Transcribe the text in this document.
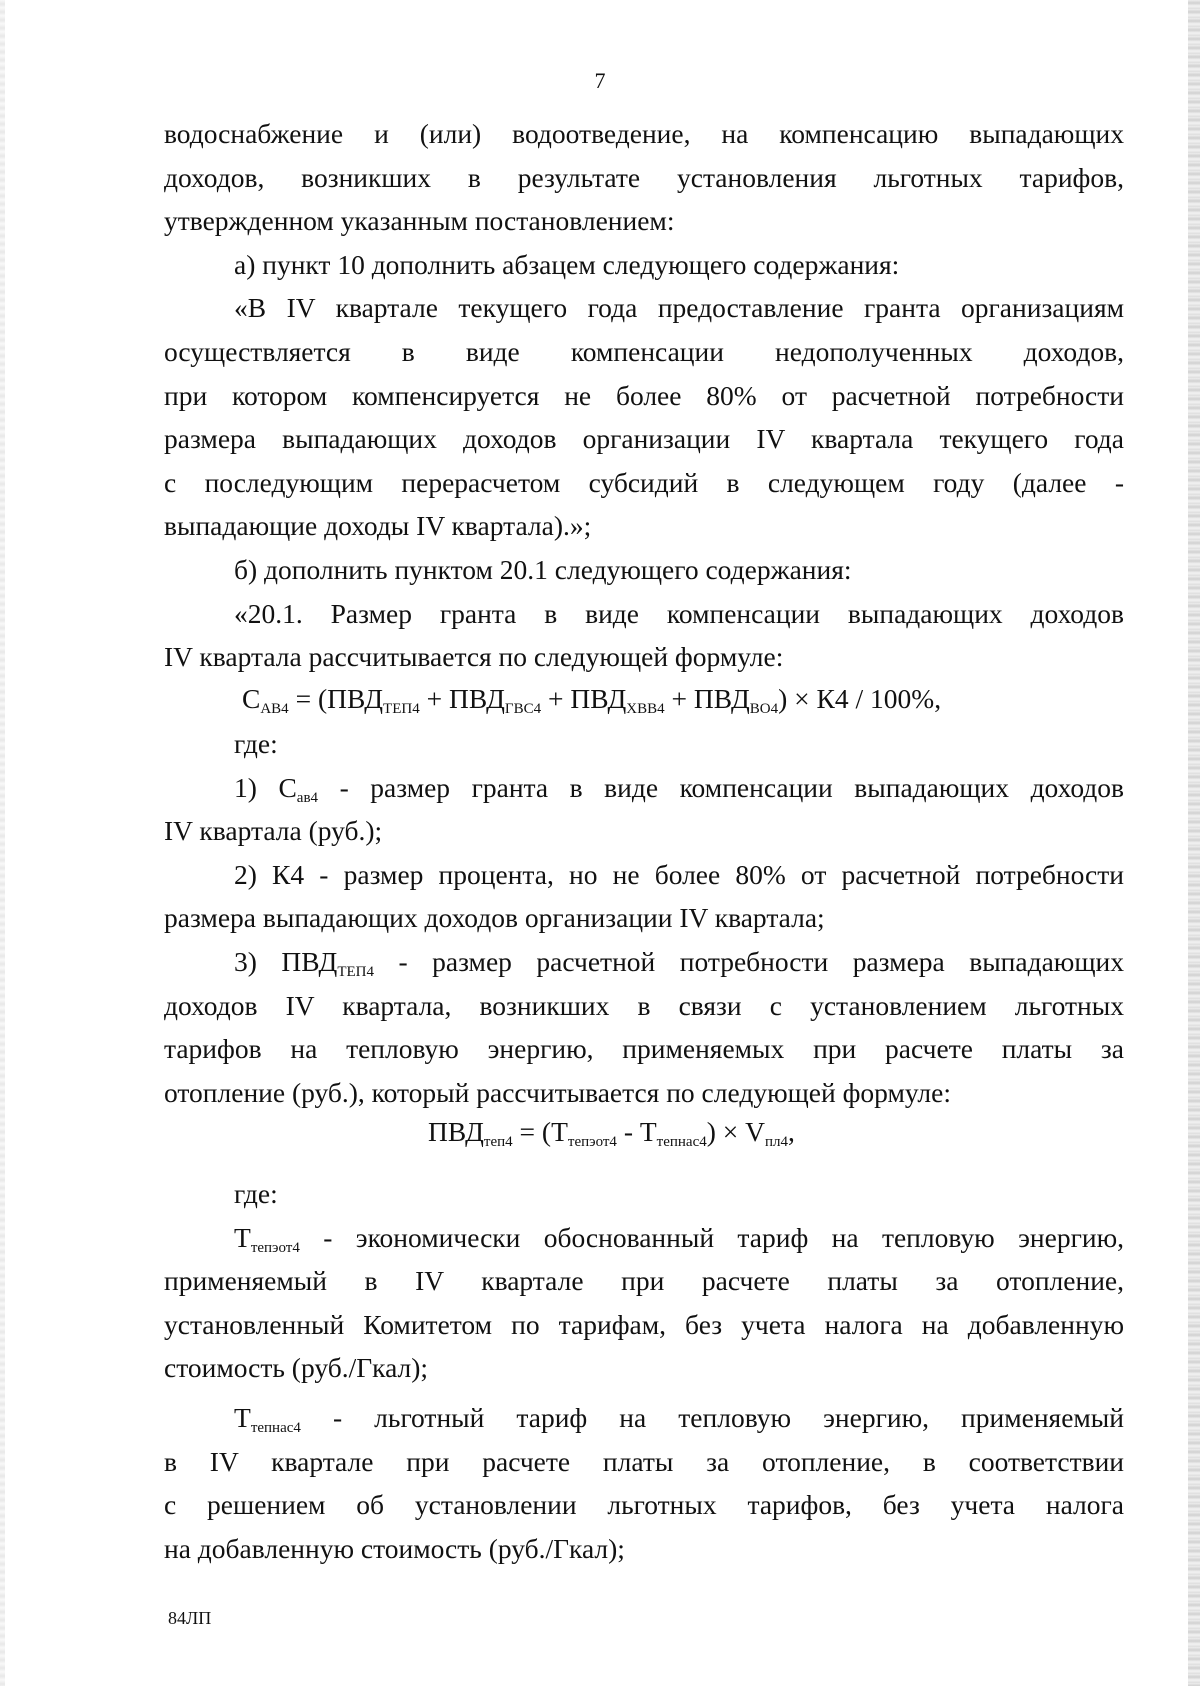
7
водоснабжение и (или) водоотведение, на компенсацию выпадающих
доходов, возникших в результате установления льготных тарифов,
утвержденном указанным постановлением:
а) пункт 10 дополнить абзацем следующего содержания:
«В IV квартале текущего года предоставление гранта организациям
осуществляется в виде компенсации недополученных доходов,
при котором компенсируется не более 80% от расчетной потребности
размера выпадающих доходов организации IV квартала текущего года
с последующим перерасчетом субсидий в следующем году (далее -
выпадающие доходы IV квартала).»;
б) дополнить пунктом 20.1 следующего содержания:
«20.1. Размер гранта в виде компенсации выпадающих доходов
IV квартала рассчитывается по следующей формуле:
$С_{АВ4} = (ПВД_{ТЕП4} + ПВД_{ГВС4} + ПВД_{ХВВ4} + ПВД_{ВО4}) \times К4 / 100\%$,
где:
1) $С_{ав4}$ - размер гранта в виде компенсации выпадающих доходов
IV квартала (руб.);
2) К4 - размер процента, но не более 80% от расчетной потребности
размера выпадающих доходов организации IV квартала;
3) $ПВД_{ТЕП4}$ - размер расчетной потребности размера выпадающих
доходов IV квартала, возникших в связи с установлением льготных
тарифов на тепловую энергию, применяемых при расчете платы за
отопление (руб.), который рассчитывается по следующей формуле:
$ПВД_{теп4} = (Т_{тепэот4} - Т_{тепнас4}) \times V_{пл4}$,
где:
$Т_{тепэот4}$ - экономически обоснованный тариф на тепловую энергию,
применяемый в IV квартале при расчете платы за отопление,
установленный Комитетом по тарифам, без учета налога на добавленную
стоимость (руб./Гкал);
$Т_{тепнас4}$ - льготный тариф на тепловую энергию, применяемый
в IV квартале при расчете платы за отопление, в соответствии
с решением об установлении льготных тарифов, без учета налога
на добавленную стоимость (руб./Гкал);
84ЛП
